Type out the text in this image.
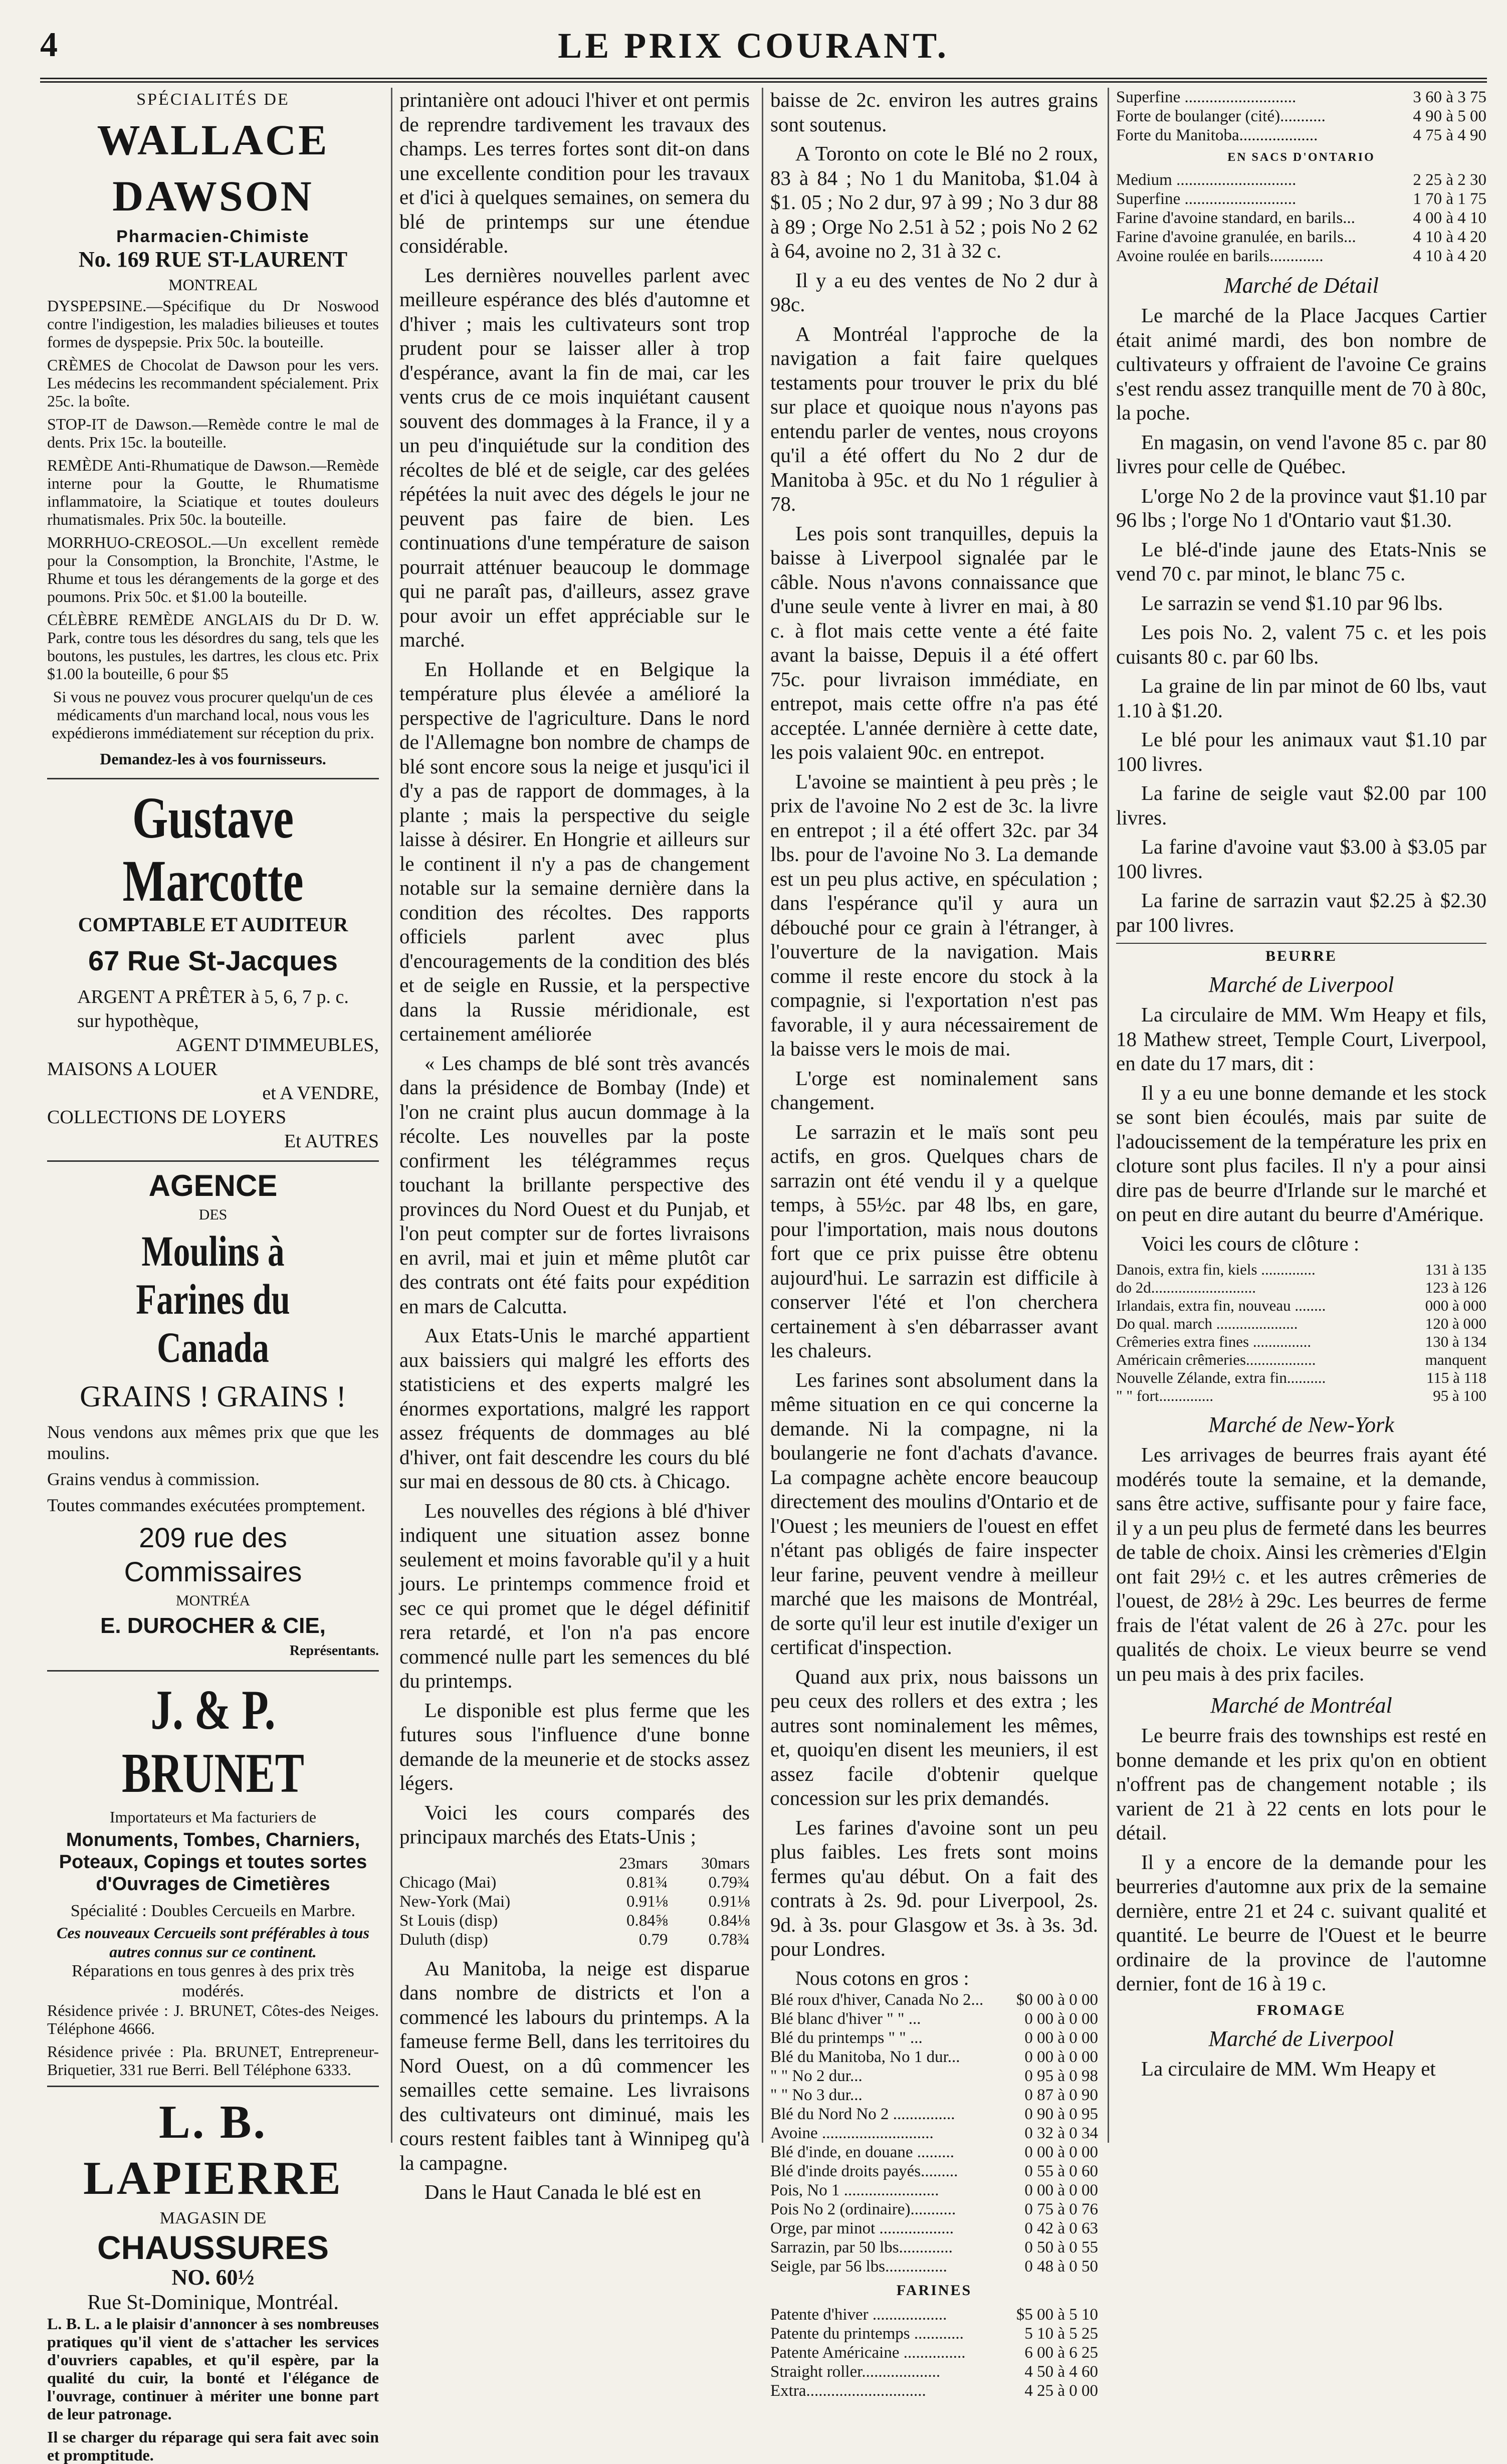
4	LE PRIX COURANT.
SPÉCIALITÉS DE
WALLACE DAWSON
Pharmacien-Chimiste
No. 169 RUE ST-LAURENT
MONTREAL

DYSPEPSINE.—Spécifique du Dr Noswood contre l'indigestion, les maladies bilieuses et toutes formes de dyspepsie. Prix 50c. la bouteille.

CRÈMES de Chocolat de Dawson pour les vers. Les médecins les recommandent spécialement. Prix 25c. la boîte.

STOP-IT de Dawson.—Remède contre le mal de dents. Prix 15c. la bouteille.

REMÈDE Anti-Rhumatique de Dawson.—Remède interne pour la Goutte, le Rhumatisme inflammatoire, la Sciatique et toutes douleurs rhumatismales. Prix 50c. la bouteille.

MORRHUO-CREOSOL.—Un excellent remède pour la Consomption, la Bronchite, l'Astme, le Rhume et tous les dérangements de la gorge et des poumons. Prix 50c. et $1.00 la bouteille.

CÉLÈBRE REMÈDE ANGLAIS du Dr D. W. Park, contre tous les désordres du sang, tels que les boutons, les pustules, les dartres, les clous etc. Prix $1.00 la bouteille, 6 pour $5

Si vous ne pouvez vous procurer quelqu'un de ces médicaments d'un marchand local, nous vous les expédierons immédiatement sur réception du prix.

Demandez-les à vos fournisseurs.
Gustave Marcotte
COMPTABLE ET AUDITEUR
67 Rue St-Jacques
ARGENT A PRÊTER à 5, 6, 7 p. c.
sur hypothèque,
AGENT D'IMMEUBLES,
MAISONS A LOUER
et A VENDRE,
COLLECTIONS DE LOYERS
Et AUTRES
AGENCE
DES
Moulins à Farines du Canada
GRAINS ! GRAINS !

Nous vendons aux mêmes prix que que les moulins.

Grains vendus à commission.

Toutes commandes exécutées promptement.

209 rue des Commissaires
MONTRÉA
E. DUROCHER & CIE,
Représentants.
J. & P. BRUNET
Importateurs et Ma facturiers de
Monuments, Tombes, Charniers, Poteaux, Copings et toutes sortes d'Ouvrages de Cimetières
Spécialité : Doubles Cercueils en Marbre.
Ces nouveaux Cercueils sont préférables à tous autres connus sur ce continent.
Réparations en tous genres à des prix très modérés.

Résidence privée : J. BRUNET, Côtes-des Neiges. Téléphone 4666.

Résidence privée : Pla. BRUNET, Entrepreneur-Briquetier, 331 rue Berri. Bell Téléphone 6333.

L. B. LAPIERRE
MAGASIN DE
CHAUSSURES
NO. 60½
Rue St-Dominique, Montréal.

L. B. L. a le plaisir d'annoncer à ses nombreuses pratiques qu'il vient de s'attacher les services d'ouvriers capables, et qu'il espère, par la qualité du cuir, la bonté et l'élégance de l'ouvrage, continuer à mériter une bonne part de leur patronage.

Il se charger du réparage qui sera fait avec soin et promptitude.

printanière ont adouci l'hiver et ont permis de reprendre tardivement les travaux des champs. Les terres fortes sont dit-on dans une excellente condition pour les travaux et d'ici à quelques semaines, on semera du blé de printemps sur une étendue considérable.

Les dernières nouvelles parlent avec meilleure espérance des blés d'automne et d'hiver ; mais les cultivateurs sont trop prudent pour se laisser aller à trop d'espérance, avant la fin de mai, car les vents crus de ce mois inquiétant causent souvent des dommages à la France, il y a un peu d'inquiétude sur la condition des récoltes de blé et de seigle, car des gelées répétées la nuit avec des dégels le jour ne peuvent pas faire de bien. Les continuations d'une température de saison pourrait atténuer beaucoup le dommage qui ne paraît pas, d'ailleurs, assez grave pour avoir un effet appréciable sur le marché.

En Hollande et en Belgique la température plus élevée a amélioré la perspective de l'agriculture. Dans le nord de l'Allemagne bon nombre de champs de blé sont encore sous la neige et jusqu'ici il d'y a pas de rapport de dommages, à la plante ; mais la perspective du seigle laisse à désirer. En Hongrie et ailleurs sur le continent il n'y a pas de changement notable sur la semaine dernière dans la condition des récoltes. Des rapports officiels parlent avec plus d'encouragements de la condition des blés et de seigle en Russie, et la perspective dans la Russie méridionale, est certainement améliorée

« Les champs de blé sont très avancés dans la présidence de Bombay (Inde) et l'on ne craint plus aucun dommage à la récolte. Les nouvelles par la poste confirment les télégrammes reçus touchant la brillante perspective des provinces du Nord Ouest et du Punjab, et l'on peut compter sur de fortes livraisons en avril, mai et juin et même plutôt car des contrats ont été faits pour expédition en mars de Calcutta.

Aux Etats-Unis le marché appartient aux baissiers qui malgré les efforts des statisticiens et des experts malgré les énormes exportations, malgré les rapport assez fréquents de dommages au blé d'hiver, ont fait descendre les cours du blé sur mai en dessous de 80 cts. à Chicago.

Les nouvelles des régions à blé d'hiver indiquent une situation assez bonne seulement et moins favorable qu'il y a huit jours. Le printemps commence froid et sec ce qui promet que le dégel définitif rera retardé, et l'on n'a pas encore commencé nulle part les semences du blé du printemps.

Le disponible est plus ferme que les futures sous l'influence d'une bonne demande de la meunerie et de stocks assez légers.

Voici les cours comparés des principaux marchés des Etats-Unis ;

	23mars	30mars
Chicago (Mai)	0.81¾	0.79¾
New-York (Mai)	0.91⅛	0.91⅛
St Louis (disp)	0.84⅝	0.84⅛
Duluth (disp)	0.79	0.78¾

Au Manitoba, la neige est disparue dans nombre de districts et l'on a commencé les labours du printemps. A la fameuse ferme Bell, dans les territoires du Nord Ouest, on a dû commencer les semailles cette semaine. Les livraisons des cultivateurs ont diminué, mais les cours restent faibles tant à Winnipeg qu'à la campagne.

Dans le Haut Canada le blé est en

baisse de 2c. environ les autres grains sont soutenus.

A Toronto on cote le Blé no 2 roux, 83 à 84 ; No 1 du Manitoba, $1.04 à $1. 05 ; No 2 dur, 97 à 99 ; No 3 dur 88 à 89 ; Orge No 2.51 à 52 ; pois No 2 62 à 64, avoine no 2, 31 à 32 c.

Il y a eu des ventes de No 2 dur à 98c.

A Montréal l'approche de la navigation a fait faire quelques testaments pour trouver le prix du blé sur place et quoique nous n'ayons pas entendu parler de ventes, nous croyons qu'il a été offert du No 2 dur de Manitoba à 95c. et du No 1 régulier à 78.

Les pois sont tranquilles, depuis la baisse à Liverpool signalée par le câble. Nous n'avons connaissance que d'une seule vente à livrer en mai, à 80 c. à flot mais cette vente a été faite avant la baisse, Depuis il a été offert 75c. pour livraison immédiate, en entrepot, mais cette offre n'a pas été acceptée. L'année dernière à cette date, les pois valaient 90c. en entrepot.

L'avoine se maintient à peu près ; le prix de l'avoine No 2 est de 3c. la livre en entrepot ; il a été offert 32c. par 34 lbs. pour de l'avoine No 3. La demande est un peu plus active, en spéculation ; dans l'espérance qu'il y aura un débouché pour ce grain à l'étranger, à l'ouverture de la navigation. Mais comme il reste encore du stock à la compagnie, si l'exportation n'est pas favorable, il y aura nécessairement de la baisse vers le mois de mai.

L'orge est nominalement sans changement.

Le sarrazin et le maïs sont peu actifs, en gros. Quelques chars de sarrazin ont été vendu il y a quelque temps, à 55½c. par 48 lbs, en gare, pour l'importation, mais nous doutons fort que ce prix puisse être obtenu aujourd'hui. Le sarrazin est difficile à conserver l'été et l'on cherchera certainement à s'en débarrasser avant les chaleurs.

Les farines sont absolument dans la même situation en ce qui concerne la demande. Ni la compagne, ni la boulangerie ne font d'achats d'avance. La compagne achète encore beaucoup directement des moulins d'Ontario et de l'Ouest ; les meuniers de l'ouest en effet n'étant pas obligés de faire inspecter leur farine, peuvent vendre à meilleur marché que les maisons de Montréal, de sorte qu'il leur est inutile d'exiger un certificat d'inspection.

Quand aux prix, nous baissons un peu ceux des rollers et des extra ; les autres sont nominalement les mêmes, et, quoiqu'en disent les meuniers, il est assez facile d'obtenir quelque concession sur les prix demandés.

Les farines d'avoine sont un peu plus faibles. Les frets sont moins fermes qu'au début. On a fait des contrats à 2s. 9d. pour Liverpool, 2s. 9d. à 3s. pour Glasgow et 3s. à 3s. 3d. pour Londres.

Nous cotons en gros :
Blé roux d'hiver, Canada No 2...	$0 00 à 0 00
Blé blanc d'hiver " " ...	0 00 à 0 00
Blé du printemps " " ...	0 00 à 0 00
Blé du Manitoba, No 1 dur...	0 00 à 0 00
" " No 2 dur...	0 95 à 0 98
" " No 3 dur...	0 87 à 0 90
Blé du Nord No 2 ...............	0 90 à 0 95
Avoine ...........................	0 32 à 0 34
Blé d'inde, en douane .........	0 00 à 0 00
Blé d'inde droits payés.........	0 55 à 0 60
Pois, No 1 .......................	0 00 à 0 00
Pois No 2 (ordinaire)...........	0 75 à 0 76
Orge, par minot ..................	0 42 à 0 63
Sarrazin, par 50 lbs.............	0 50 à 0 55
Seigle, par 56 lbs...............	0 48 à 0 50
FARINES
Patente d'hiver ..................	$5 00 à 5 10
Patente du printemps ............	5 10 à 5 25
Patente Américaine ...............	6 00 à 6 25
Straight roller...................	4 50 à 4 60
Extra.............................	4 25 à 0 00
Superfine ...........................	3 60 à 3 75
Forte de boulanger (cité)...........	4 90 à 5 00
Forte du Manitoba...................	4 75 à 4 90
EN SACS D'ONTARIO
Medium .............................	2 25 à 2 30
Superfine ...........................	1 70 à 1 75
Farine d'avoine standard, en barils...	4 00 à 4 10
Farine d'avoine granulée, en barils...	4 10 à 4 20
Avoine roulée en barils.............	4 10 à 4 20
Marché de Détail

Le marché de la Place Jacques Cartier était animé mardi, des bon nombre de cultivateurs y offraient de l'avoine Ce grains s'est rendu assez tranquille ment de 70 à 80c, la poche.

En magasin, on vend l'avone 85 c. par 80 livres pour celle de Québec.

L'orge No 2 de la province vaut $1.10 par 96 lbs ; l'orge No 1 d'Ontario vaut $1.30.

Le blé-d'inde jaune des Etats-Nnis se vend 70 c. par minot, le blanc 75 c.

Le sarrazin se vend $1.10 par 96 lbs.

Les pois No. 2, valent 75 c. et les pois cuisants 80 c. par 60 lbs.

La graine de lin par minot de 60 lbs, vaut 1.10 à $1.20.

Le blé pour les animaux vaut $1.10 par 100 livres.

La farine de seigle vaut $2.00 par 100 livres.

La farine d'avoine vaut $3.00 à $3.05 par 100 livres.

La farine de sarrazin vaut $2.25 à $2.30 par 100 livres.

BEURRE
Marché de Liverpool

La circulaire de MM. Wm Heapy et fils, 18 Mathew street, Temple Court, Liverpool, en date du 17 mars, dit :

Il y a eu une bonne demande et les stock se sont bien écoulés, mais par suite de l'adoucissement de la température les prix en cloture sont plus faciles. Il n'y a pour ainsi dire pas de beurre d'Irlande sur le marché et on peut en dire autant du beurre d'Amérique.

Voici les cours de clôture :

Danois, extra fin, kiels ..............	131 à 135
do 2d...........................	123 à 126
Irlandais, extra fin, nouveau ........	000 à 000
Do qual. march .....................	120 à 000
Crêmeries extra fines ...............	130 à 134
Américain crêmeries..................	manquent
Nouvelle Zélande, extra fin..........	115 à 118
" " fort..............	95 à 100
Marché de New-York

Les arrivages de beurres frais ayant été modérés toute la semaine, et la demande, sans être active, suffisante pour y faire face, il y a un peu plus de fermeté dans les beurres de table de choix. Ainsi les crèmeries d'Elgin ont fait 29½ c. et les autres crêmeries de l'ouest, de 28½ à 29c. Les beurres de ferme frais de l'état valent de 26 à 27c. pour les qualités de choix. Le vieux beurre se vend un peu mais à des prix faciles.

Marché de Montréal

Le beurre frais des townships est resté en bonne demande et les prix qu'on en obtient n'offrent pas de changement notable ; ils varient de 21 à 22 cents en lots pour le détail.

Il y a encore de la demande pour les beurreries d'automne aux prix de la semaine dernière, entre 21 et 24 c. suivant qualité et quantité. Le beurre de l'Ouest et le beurre ordinaire de la province de l'automne dernier, font de 16 à 19 c.

FROMAGE
Marché de Liverpool

La circulaire de MM. Wm Heapy et
